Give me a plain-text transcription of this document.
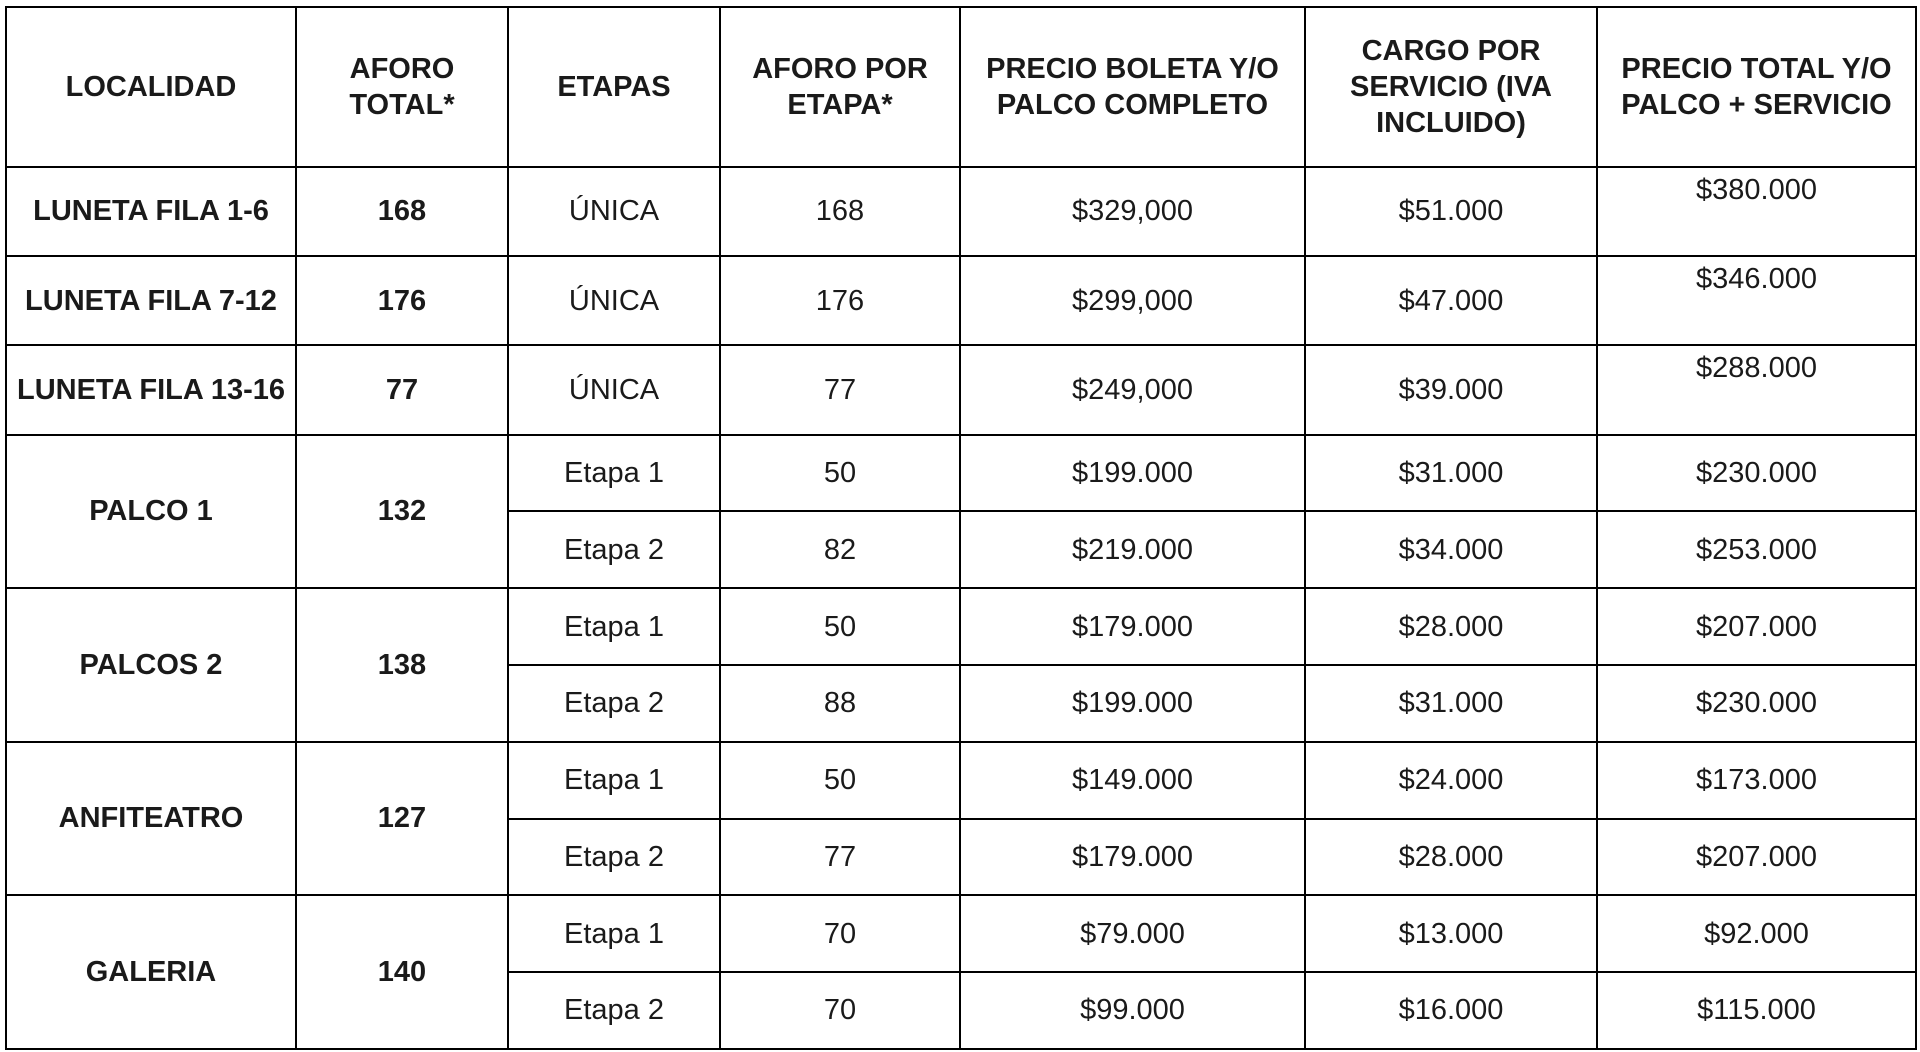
LOCALIDAD	AFORO TOTAL*	ETAPAS	AFORO POR ETAPA*	PRECIO BOLETA Y/O PALCO COMPLETO	CARGO POR SERVICIO (IVA INCLUIDO)	PRECIO TOTAL Y/O PALCO + SERVICIO
LUNETA FILA 1-6	168	ÚNICA	168	$329,000	$51.000	$380.000
LUNETA FILA 7-12	176	ÚNICA	176	$299,000	$47.000	$346.000
LUNETA FILA 13-16	77	ÚNICA	77	$249,000	$39.000	$288.000
PALCO 1	132	Etapa 1	50	$199.000	$31.000	$230.000
		Etapa 2	82	$219.000	$34.000	$253.000
PALCOS 2	138	Etapa 1	50	$179.000	$28.000	$207.000
		Etapa 2	88	$199.000	$31.000	$230.000
ANFITEATRO	127	Etapa 1	50	$149.000	$24.000	$173.000
		Etapa 2	77	$179.000	$28.000	$207.000
GALERIA	140	Etapa 1	70	$79.000	$13.000	$92.000
		Etapa 2	70	$99.000	$16.000	$115.000
